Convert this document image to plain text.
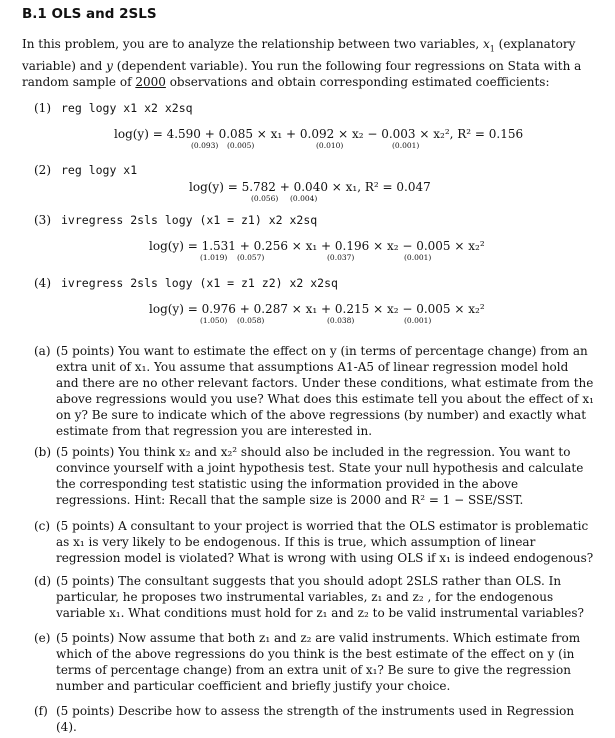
B.1 OLS and 2SLS
In this problem, you are to analyze the relationship between two variables, $x_1$ (explanatory variable) and y (dependent variable). You run the following four regressions on Stata with a random sample of 2000 observations and obtain corresponding estimated coefficients:
(1) reg logy x1 x2 x2sq
log(y) = 4.590 + 0.085 × x₁ + 0.092 × x₂ − 0.003 × x₂², R² = 0.156
(0.093) (0.005)	(0.010)	(0.001)
(2) reg logy x1
log(y) = 5.782 + 0.040 × x₁, R² = 0.047
(0.056) (0.004)
(3) ivregress 2sls logy (x1 = z1) x2 x2sq
log(y) = 1.531 + 0.256 × x₁ + 0.196 × x₂ − 0.005 × x₂²
(1.019) (0.057)	(0.037)	(0.001)
(4) ivregress 2sls logy (x1 = z1 z2) x2 x2sq
log(y) = 0.976 + 0.287 × x₁ + 0.215 × x₂ − 0.005 × x₂²
(1.050) (0.058)	(0.038)	(0.001)
(a) (5 points) You want to estimate the effect on y (in terms of percentage change) from an extra unit of x₁. You assume that assumptions A1-A5 of linear regression model hold and there are no other relevant factors. Under these conditions, what estimate from the above regressions would you use? What does this estimate tell you about the effect of x₁ on y? Be sure to indicate which of the above regressions (by number) and exactly what estimate from that regression you are interested in.
(b) (5 points) You think x₂ and x₂² should also be included in the regression. You want to convince yourself with a joint hypothesis test. State your null hypothesis and calculate the corresponding test statistic using the information provided in the above regressions. Hint: Recall that the sample size is 2000 and R² = 1 − SSE/SST.
(c) (5 points) A consultant to your project is worried that the OLS estimator is problematic as x₁ is very likely to be endogenous. If this is true, which assumption of linear regression model is violated? What is wrong with using OLS if x₁ is indeed endogenous?
(d) (5 points) The consultant suggests that you should adopt 2SLS rather than OLS. In particular, he proposes two instrumental variables, z₁ and z₂ , for the endogenous variable x₁. What conditions must hold for z₁ and z₂ to be valid instrumental variables?
(e) (5 points) Now assume that both z₁ and z₂ are valid instruments. Which estimate from which of the above regressions do you think is the best estimate of the effect on y (in terms of percentage change) from an extra unit of x₁? Be sure to give the regression number and particular coefficient and briefly justify your choice.
(f) (5 points) Describe how to assess the strength of the instruments used in Regression (4).
